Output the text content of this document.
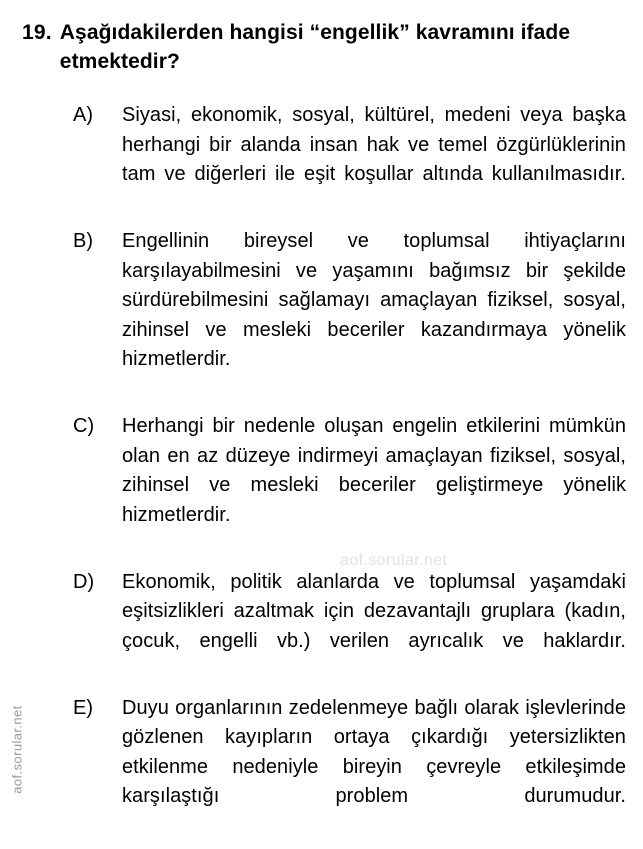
19. Aşağıdakilerden hangisi “engellik” kavramını ifade etmektedir?
A)	Siyasi, ekonomik, sosyal, kültürel, medeni veya başka herhangi bir alanda insan hak ve temel özgürlüklerinin tam ve diğerleri ile eşit koşullar altında kullanılmasıdır.
B)	Engellinin bireysel ve toplumsal ihtiyaçlarını karşılayabilmesini ve yaşamını bağımsız bir şekilde sürdürebilmesini sağlamayı amaçlayan fiziksel, sosyal, zihinsel ve mesleki beceriler kazandırmaya yönelik hizmetlerdir.
C)	Herhangi bir nedenle oluşan engelin etkilerini mümkün olan en az düzeye indirmeyi amaçlayan fiziksel, sosyal, zihinsel ve mesleki beceriler geliştirmeye yönelik hizmetlerdir.
D)	Ekonomik, politik alanlarda ve toplumsal yaşamdaki eşitsizlikleri azaltmak için dezavantajlı gruplara (kadın, çocuk, engelli vb.) verilen ayrıcalık ve haklardır.
E)	Duyu organlarının zedelenmeye bağlı olarak işlevlerinde gözlenen kayıpların ortaya çıkardığı yetersizlikten etkilenme nedeniyle bireyin çevreyle etkileşimde karşılaştığı problem durumudur.
aof.sorular.net
aof.sorular.net
